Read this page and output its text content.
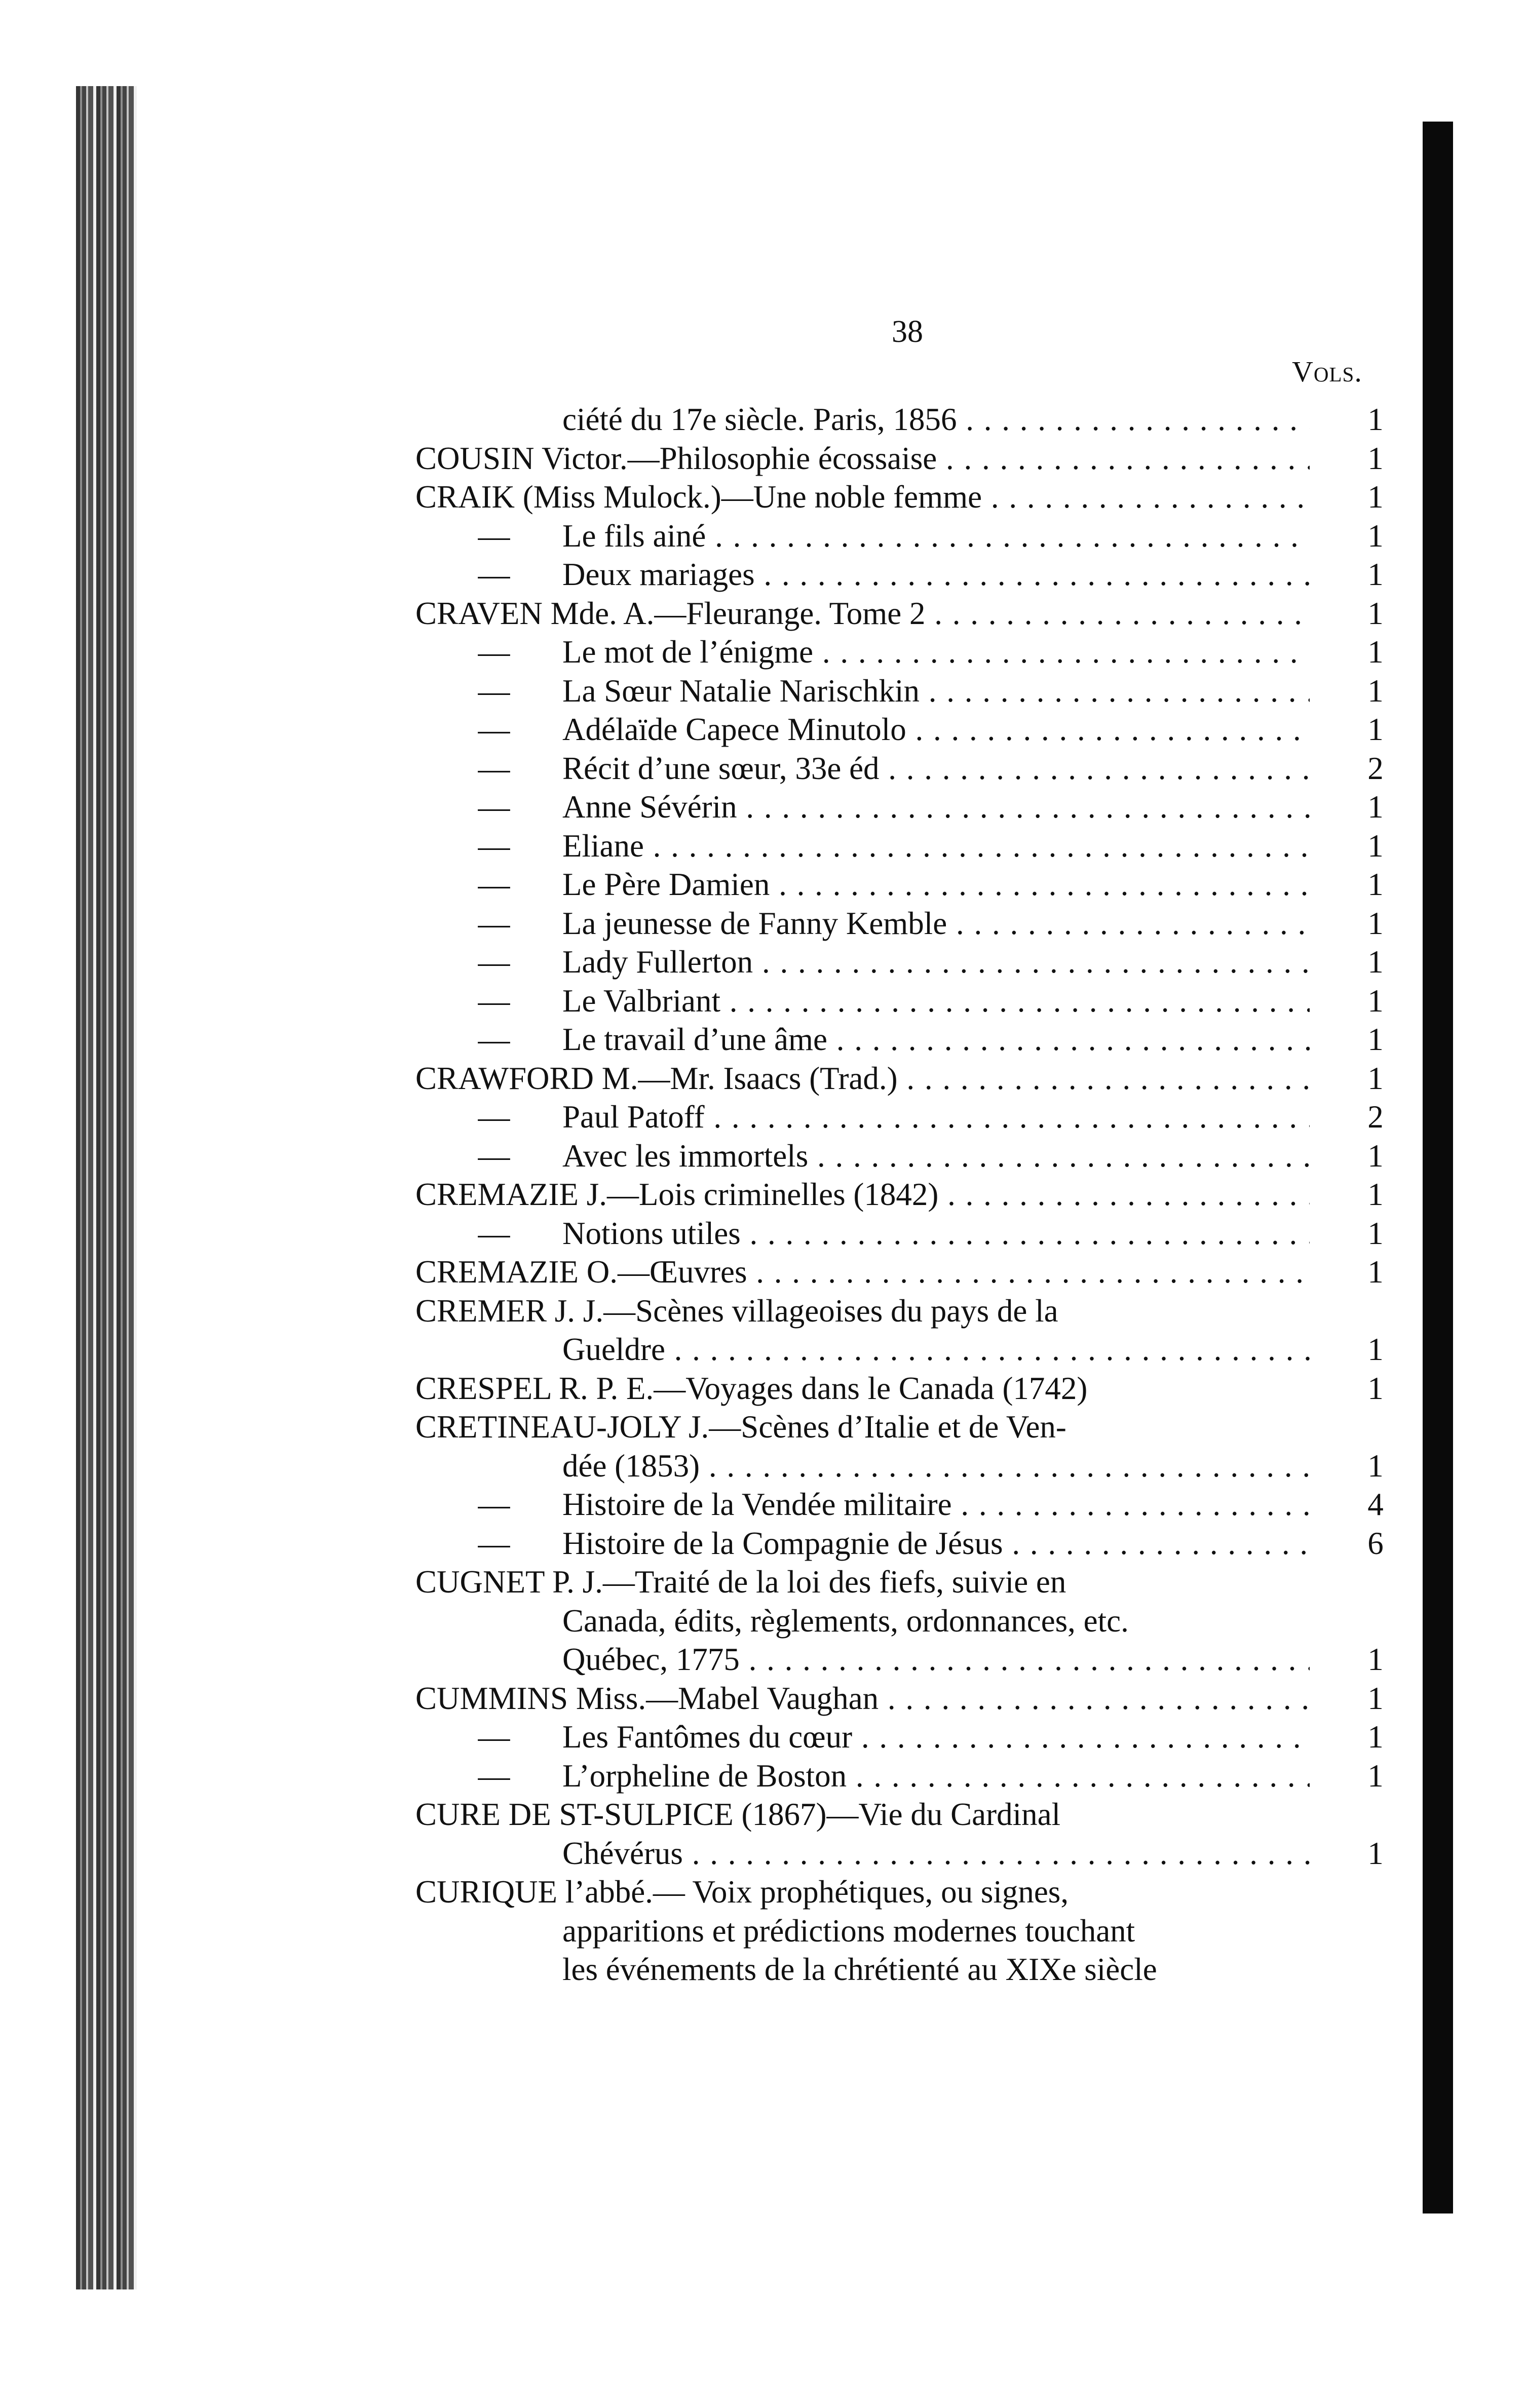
38
Vols.
ciété du 17e siècle. Paris, 1856 . . .	1
COUSIN Victor.—Philosophie écossaise . . .	1
CRAIK (Miss Mulock.)—Une noble femme . . .	1
— Le fils ainé . . .	1
— Deux mariages . . .	1
CRAVEN Mde. A.—Fleurange. Tome 2 . . .	1
— Le mot de l’énigme . . .	1
— La Sœur Natalie Narischkin . . .	1
— Adélaïde Capece Minutolo . . .	1
— Récit d’une sœur, 33e éd . . .	2
— Anne Sévérin . . .	1
— Eliane . . .	1
— Le Père Damien . . .	1
— La jeunesse de Fanny Kemble . . .	1
— Lady Fullerton . . .	1
— Le Valbriant . . .	1
— Le travail d’une âme . . .	1
CRAWFORD M.—Mr. Isaacs (Trad.) . . .	1
— Paul Patoff . . .	2
— Avec les immortels . . .	1
CREMAZIE J.—Lois criminelles (1842) . . .	1
— Notions utiles . . .	1
CREMAZIE O.—Œuvres . . .	1
CREMER J. J.—Scènes villageoises du pays de la
Gueldre . . .	1
CRESPEL R. P. E.—Voyages dans le Canada (1742)	1
CRETINEAU-JOLY J.—Scènes d’Italie et de Ven-
dée (1853) . . .	1
— Histoire de la Vendée militaire . . .	4
— Histoire de la Compagnie de Jésus . . .	6
CUGNET P. J.—Traité de la loi des fiefs, suivie en
Canada, édits, règlements, ordonnances, etc.
Québec, 1775 . . .	1
CUMMINS Miss.—Mabel Vaughan . . .	1
— Les Fantômes du cœur . . .	1
— L’orpheline de Boston . . .	1
CURE DE ST-SULPICE (1867)—Vie du Cardinal
Chévérus . . .	1
CURIQUE l’abbé.— Voix prophétiques, ou signes,
apparitions et prédictions modernes touchant
les événements de la chrétienté au XIXe siècle
